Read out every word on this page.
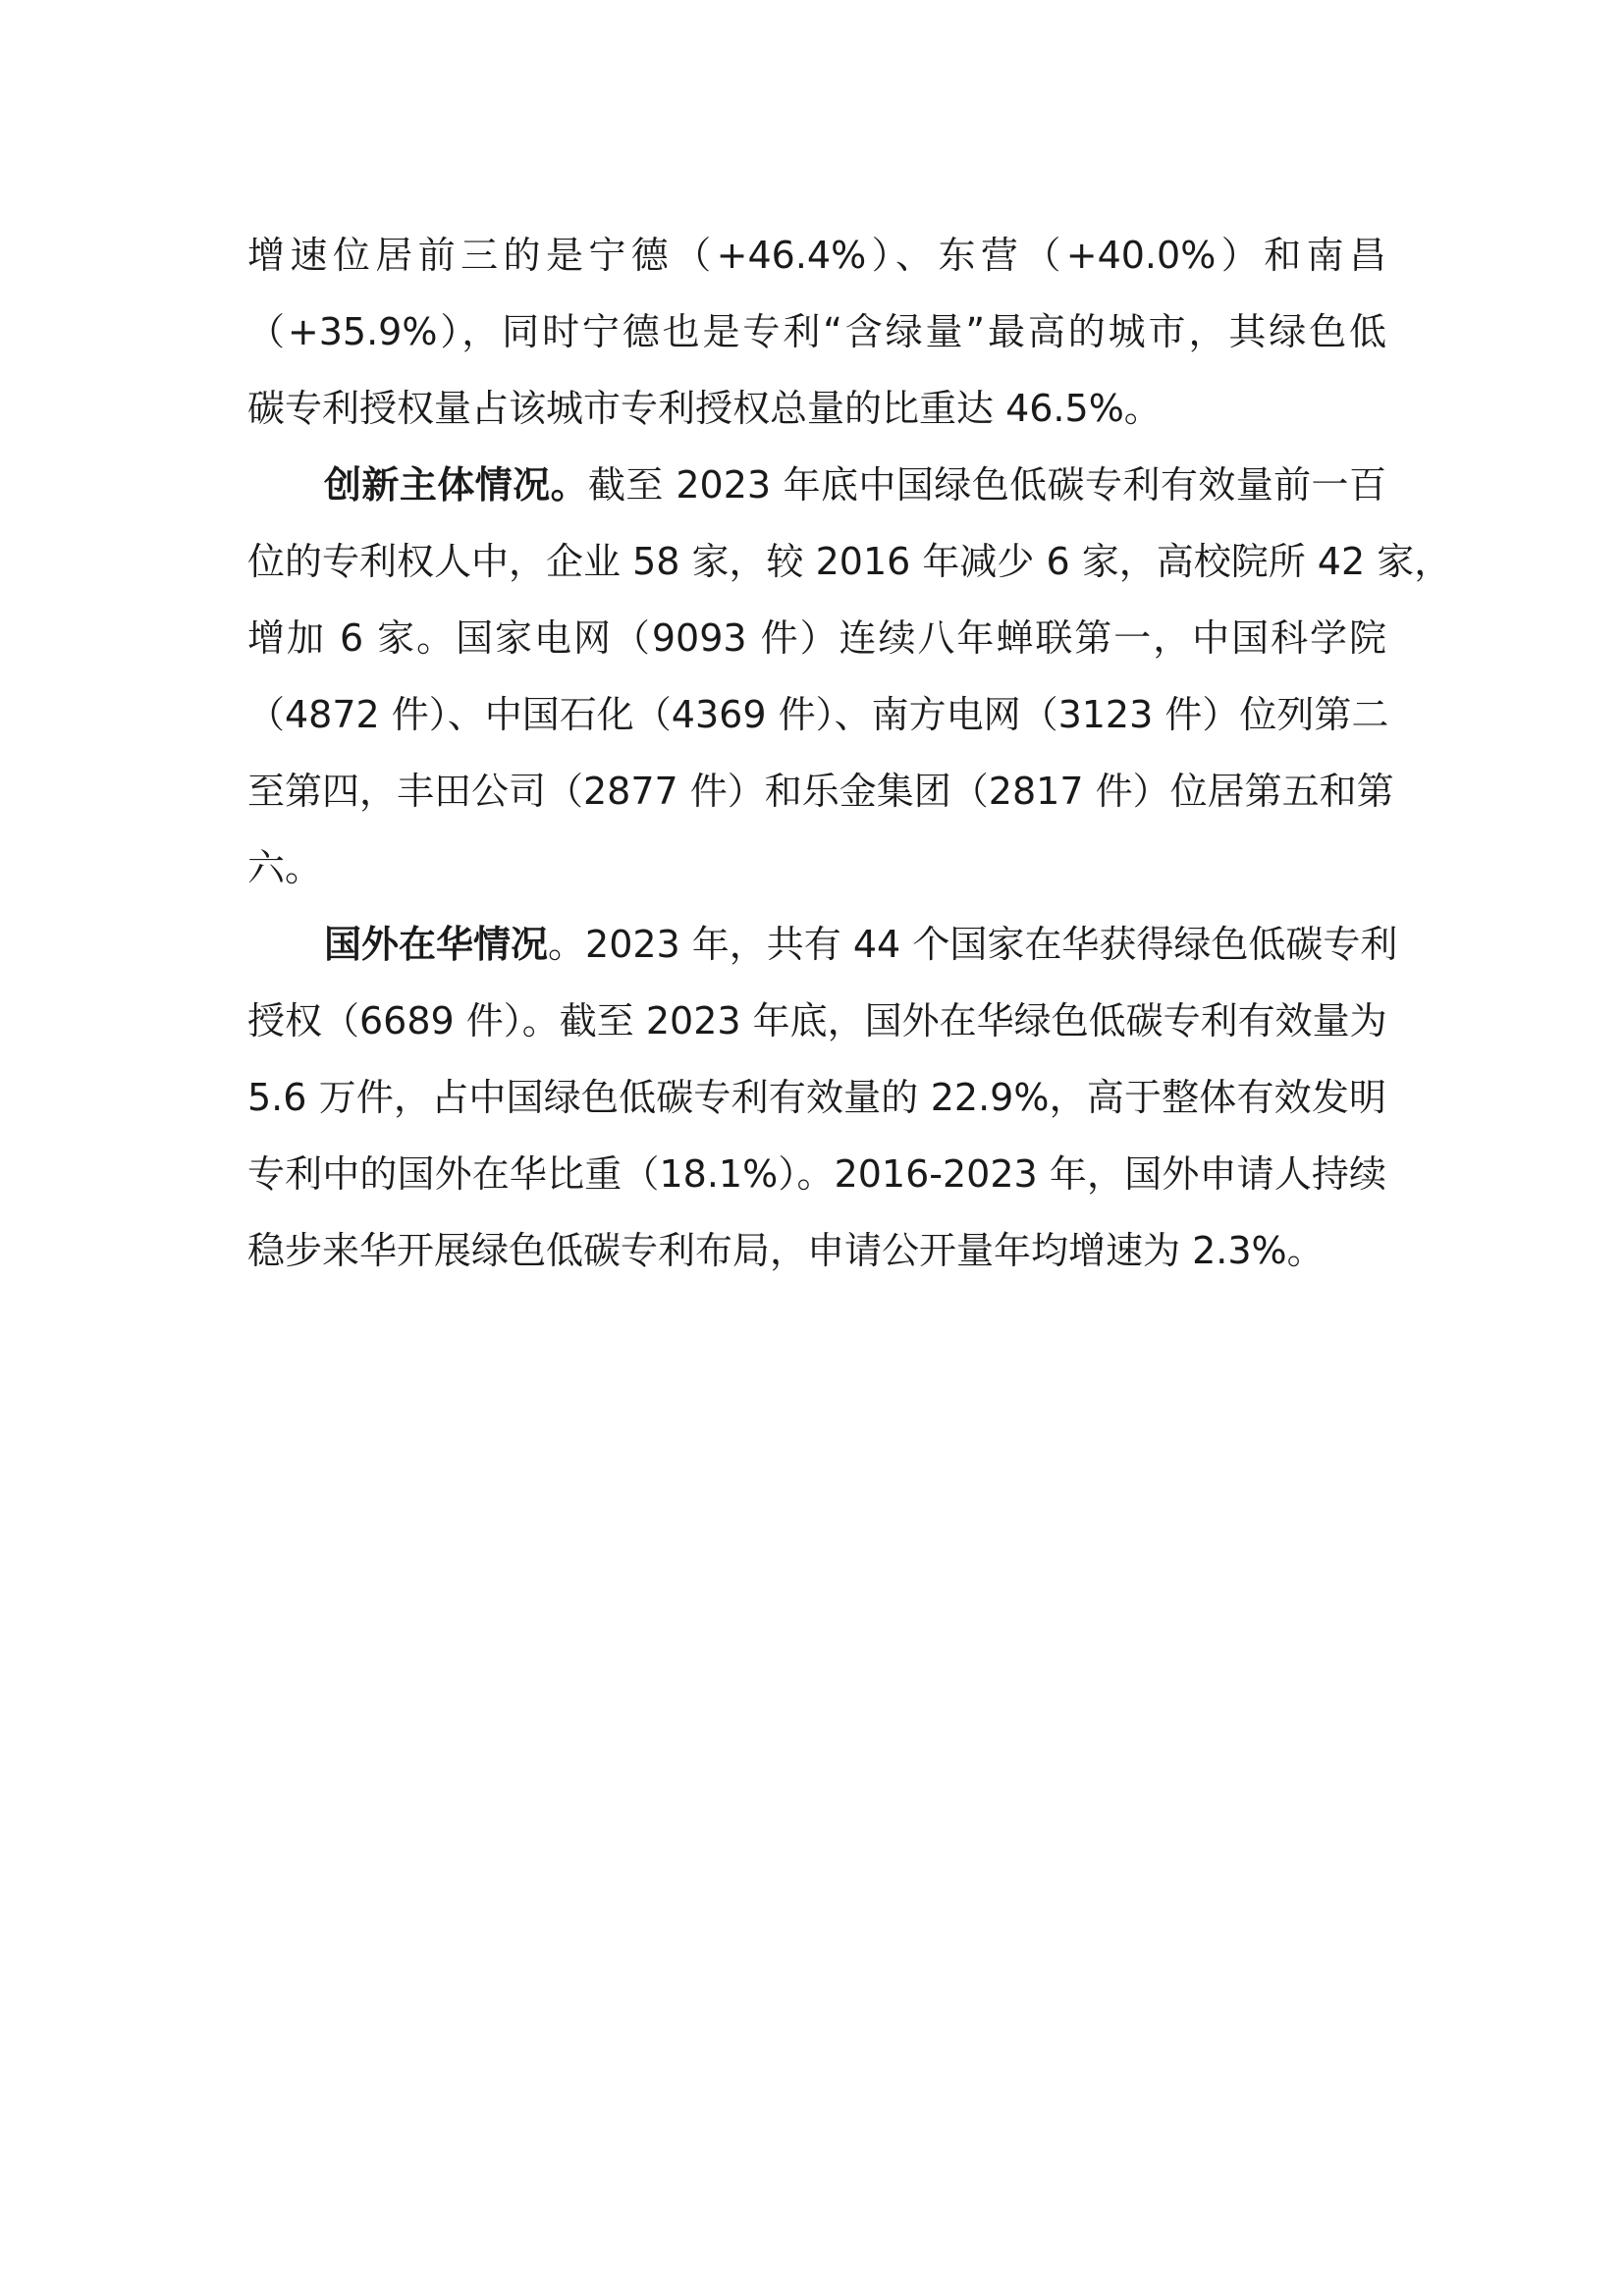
增速位居前三的是宁德（+46.4%）、东营（+40.0%）和南昌
（+35.9%），同时宁德也是专利“含绿量”最高的城市，其绿色低
碳专利授权量占该城市专利授权总量的比重达 46.5%。
创新主体情况。截至 2023 年底中国绿色低碳专利有效量前一百
位的专利权人中，企业 58 家，较 2016 年减少 6 家，高校院所 42 家，
增加 6 家。国家电网（9093 件）连续八年蝉联第一，中国科学院
（4872 件）、中国石化（4369 件）、南方电网（3123 件）位列第二
至第四，丰田公司（2877 件）和乐金集团（2817 件）位居第五和第
六。
国外在华情况。2023 年，共有 44 个国家在华获得绿色低碳专利
授权（6689 件）。截至 2023 年底，国外在华绿色低碳专利有效量为
5.6 万件，占中国绿色低碳专利有效量的 22.9%，高于整体有效发明
专利中的国外在华比重（18.1%）。2016-2023 年，国外申请人持续
稳步来华开展绿色低碳专利布局，申请公开量年均增速为 2.3%。
